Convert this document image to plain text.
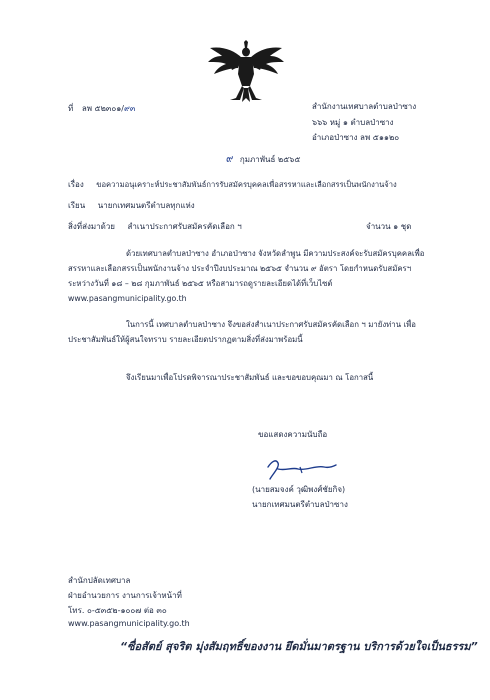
ที่ ลพ ๕๒๓๐๑/๙๓	สำนักงานเทศบาลตำบลป่าซาง
๖๖๖ หมู่ ๑ ตำบลป่าซาง
อำเภอป่าซาง ลพ ๕๑๑๒๐
๙ กุมภาพันธ์ ๒๕๖๕
เรื่อง ขอความอนุเคราะห์ประชาสัมพันธ์การรับสมัครบุคคลเพื่อสรรหาและเลือกสรรเป็นพนักงานจ้าง
เรียน นายกเทศมนตรีตำบลทุกแห่ง
สิ่งที่ส่งมาด้วย สำเนาประกาศรับสมัครคัดเลือก ฯ	จำนวน ๑ ชุด
ด้วยเทศบาลตำบลป่าซาง อำเภอป่าซาง จังหวัดลำพูน มีความประสงค์จะรับสมัครบุคคลเพื่อสรรหาและเลือกสรรเป็นพนักงานจ้าง ประจำปีงบประมาณ ๒๕๖๕ จำนวน ๙ อัตรา โดยกำหนดรับสมัครฯ ระหว่างวันที่ ๑๘ – ๒๘ กุมภาพันธ์ ๒๕๖๕ หรือสามารถดูรายละเอียดได้ที่เว็บไซต์ www.pasangmunicipality.go.th
ในการนี้ เทศบาลตำบลป่าซาง จึงขอส่งสำเนาประกาศรับสมัครคัดเลือก ฯ มายังท่าน เพื่อประชาสัมพันธ์ให้ผู้สนใจทราบ รายละเอียดปรากฏตามสิ่งที่ส่งมาพร้อมนี้
จึงเรียนมาเพื่อโปรดพิจารณาประชาสัมพันธ์ และขอขอบคุณมา ณ โอกาสนี้
ขอแสดงความนับถือ
(นายสมจงค์ วุฒิพงศ์ชัยกิจ)
นายกเทศมนตรีตำบลป่าซาง
สำนักปลัดเทศบาล
ฝ่ายอำนวยการ งานการเจ้าหน้าที่
โทร. ๐-๕๓๕๒-๑๐๐๗ ต่อ ๓๐
www.pasangmunicipality.go.th
“ซื่อสัตย์ สุจริต มุ่งสัมฤทธิ์ของงาน ยึดมั่นมาตรฐาน บริการด้วยใจเป็นธรรม”
